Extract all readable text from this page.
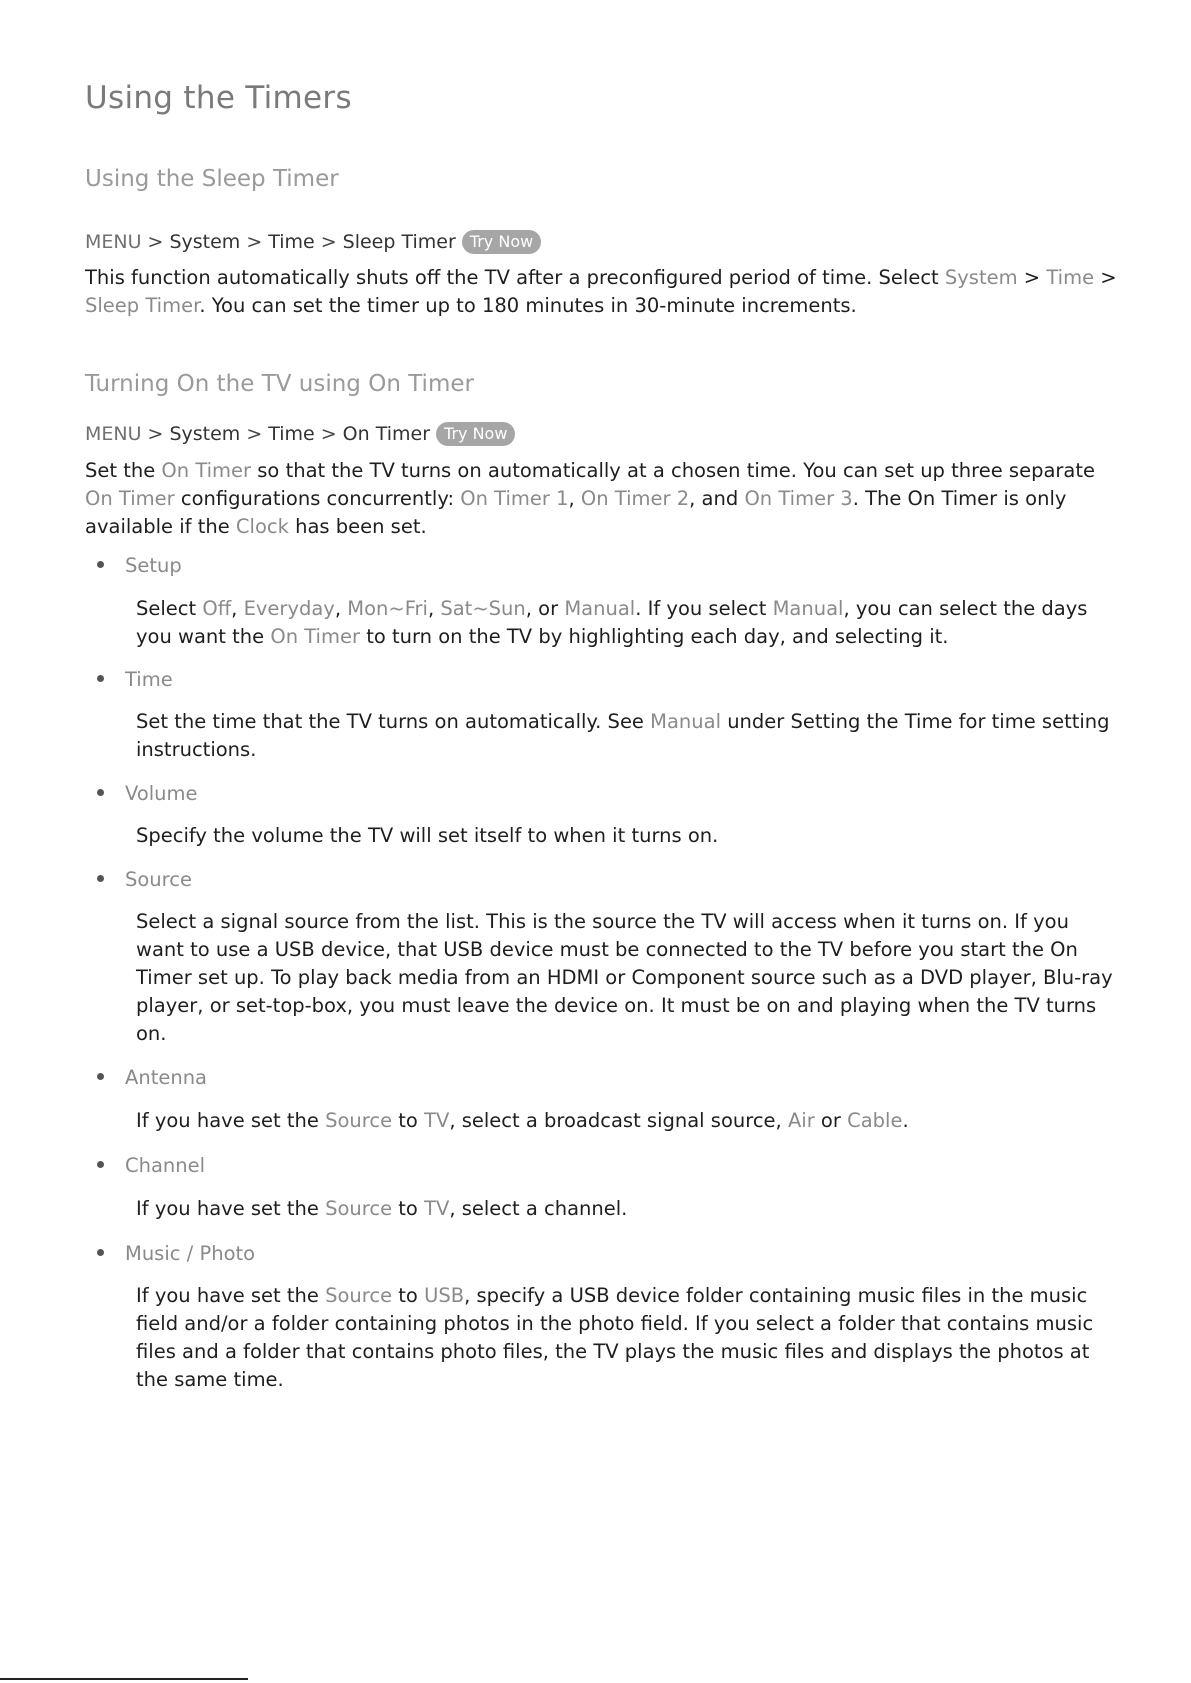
Using the Timers
Using the Sleep Timer
MENU > System > Time > Sleep Timer Try Now

This function automatically shuts off the TV after a preconfigured period of time. Select System > Time > Sleep Timer. You can set the timer up to 180 minutes in 30-minute increments.

Turning On the TV using On Timer
MENU > System > Time > On Timer Try Now

Set the On Timer so that the TV turns on automatically at a chosen time. You can set up three separate On Timer configurations concurrently: On Timer 1, On Timer 2, and On Timer 3. The On Timer is only available if the Clock has been set.

Setup

Select Off, Everyday, Mon~Fri, Sat~Sun, or Manual. If you select Manual, you can select the days you want the On Timer to turn on the TV by highlighting each day, and selecting it.

Time

Set the time that the TV turns on automatically. See Manual under Setting the Time for time setting instructions.

Volume

Specify the volume the TV will set itself to when it turns on.

Source

Select a signal source from the list. This is the source the TV will access when it turns on. If you want to use a USB device, that USB device must be connected to the TV before you start the On Timer set up. To play back media from an HDMI or Component source such as a DVD player, Blu-ray player, or set-top-box, you must leave the device on. It must be on and playing when the TV turns on.

Antenna

If you have set the Source to TV, select a broadcast signal source, Air or Cable.

Channel

If you have set the Source to TV, select a channel.

Music / Photo

If you have set the Source to USB, specify a USB device folder containing music files in the music field and/or a folder containing photos in the photo field. If you select a folder that contains music files and a folder that contains photo files, the TV plays the music files and displays the photos at the same time.
